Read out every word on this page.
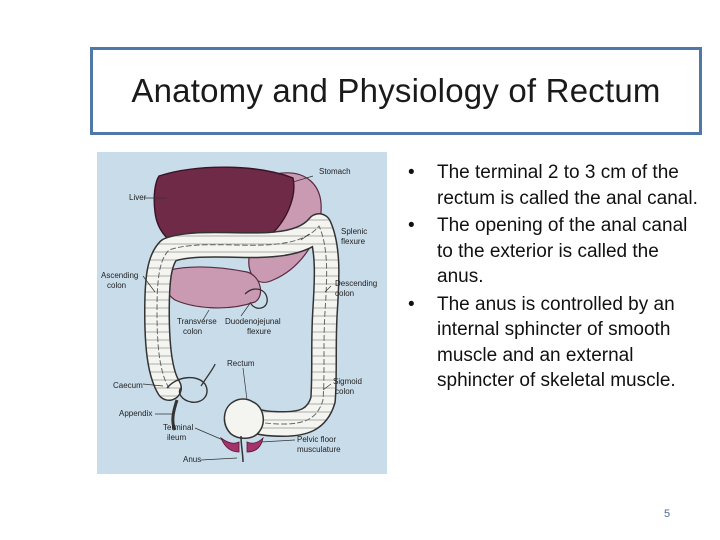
Anatomy and Physiology of Rectum
Stomach
Liver
Splenic
flexure
Ascending
colon	Descending
colon
Transverse
colon
Duodenojejunal
flexure
Caecum
Rectum
Sigmoid
colon
Appendix
Terminal
ileum	Pelvic floor
musculature
Anus
• The terminal 2 to 3 cm of the rectum is called the anal canal.
• The opening of the anal canal to the exterior is called the anus.
• The anus is controlled by an internal sphincter of smooth muscle and an external sphincter of skeletal muscle.
5
